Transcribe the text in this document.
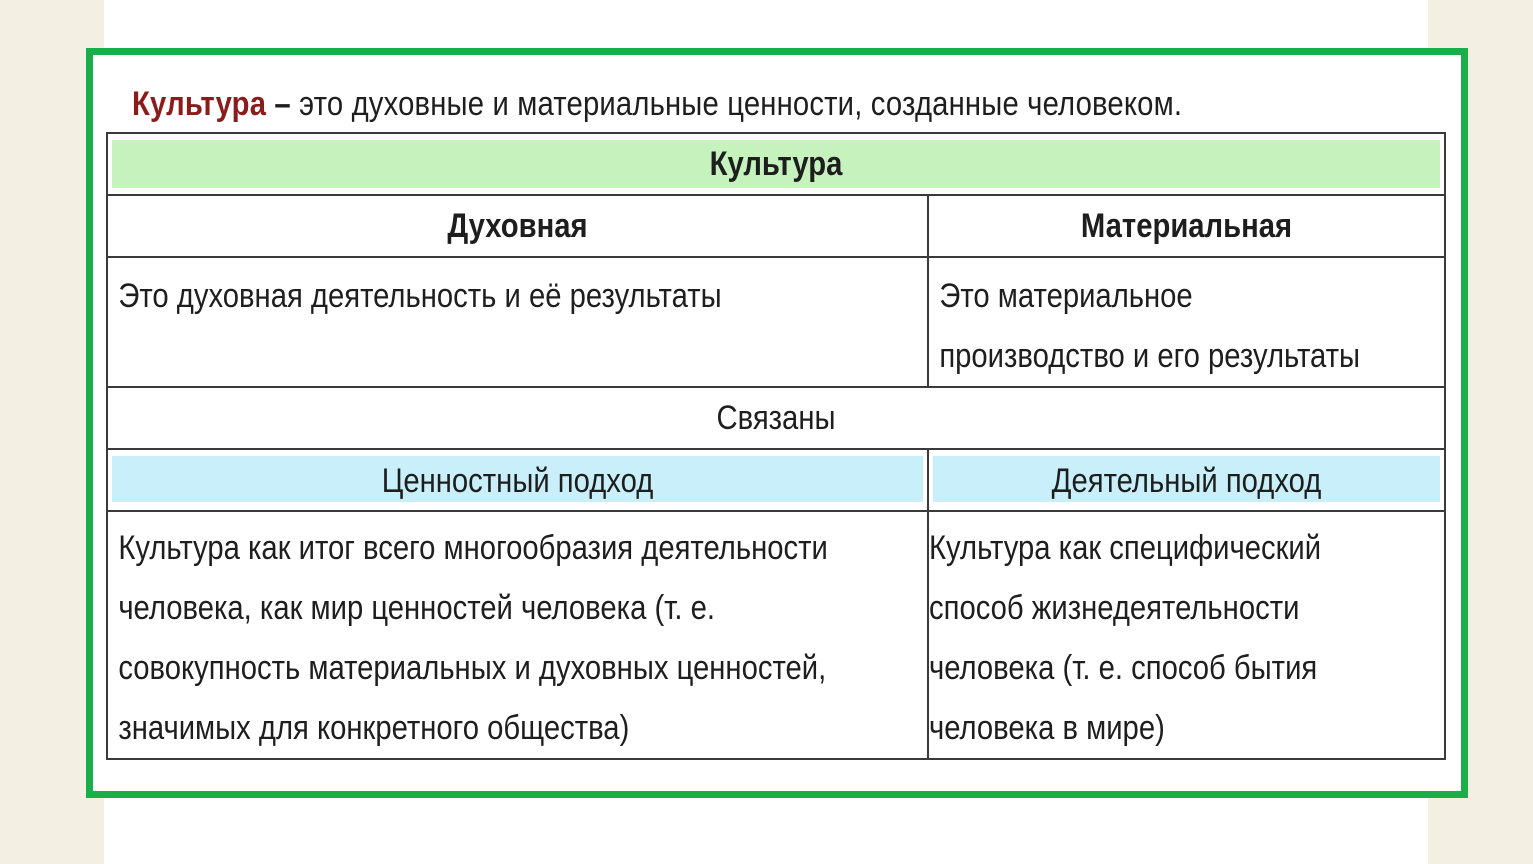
Культура – это духовные и материальные ценности, созданные человеком.
Культура	

Духовная	Материальная

Это духовная деятельность и её результаты	Это материальное
производство и его результаты

Связаны	

Ценностный подход	Деятельный подход

Культура как итог всего многообразия деятельности
человека, как мир ценностей человека (т. е.
совокупность материальных и духовных ценностей,
значимых для конкретного общества)	Культура как специфический
способ жизнедеятельности
человека (т. е. способ бытия
человека в мире)
